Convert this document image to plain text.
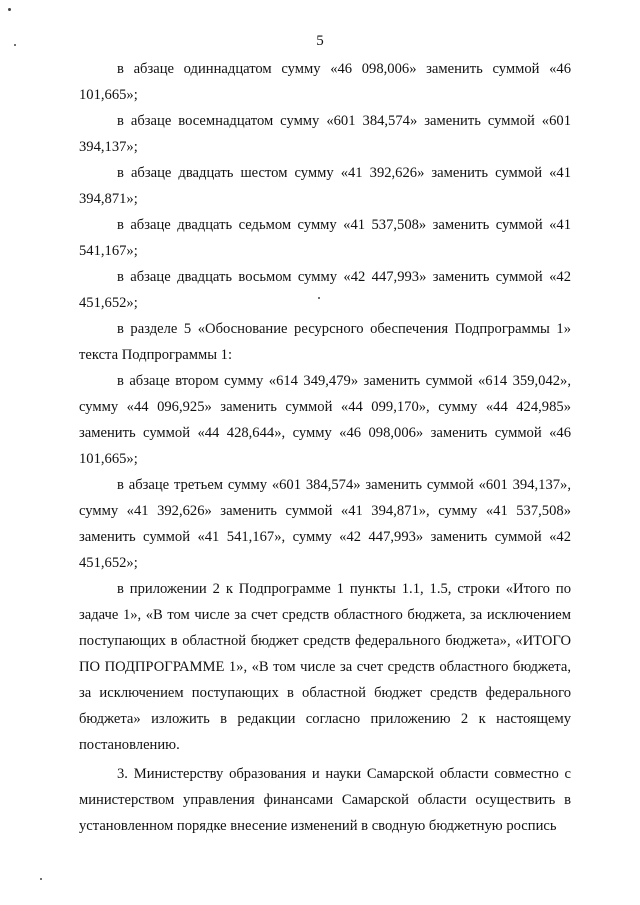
5

в абзаце одиннадцатом сумму «46 098,006» заменить суммой «46 101,665»;

в абзаце восемнадцатом сумму «601 384,574» заменить суммой «601 394,137»;

в абзаце двадцать шестом сумму «41 392,626» заменить суммой «41 394,871»;

в абзаце двадцать седьмом сумму «41 537,508» заменить суммой «41 541,167»;

в абзаце двадцать восьмом сумму «42 447,993» заменить суммой «42 451,652»;

в разделе 5 «Обоснование ресурсного обеспечения Подпрограммы 1» текста Подпрограммы 1:

в абзаце втором сумму «614 349,479» заменить суммой «614 359,042», сумму «44 096,925» заменить суммой «44 099,170», сумму «44 424,985» заменить суммой «44 428,644», сумму «46 098,006» заменить суммой «46 101,665»;

в абзаце третьем сумму «601 384,574» заменить суммой «601 394,137», сумму «41 392,626» заменить суммой «41 394,871», сумму «41 537,508» заменить суммой «41 541,167», сумму «42 447,993» заменить суммой «42 451,652»;

в приложении 2 к Подпрограмме 1 пункты 1.1, 1.5, строки «Итого по задаче 1», «В том числе за счет средств областного бюджета, за исключением поступающих в областной бюджет средств федерального бюджета», «ИТОГО ПО ПОДПРОГРАММЕ 1», «В том числе за счет средств областного бюджета, за исключением поступающих в областной бюджет средств федерального бюджета» изложить в редакции согласно приложению 2 к настоящему постановлению.

3. Министерству образования и науки Самарской области совместно с министерством управления финансами Самарской области осуществить в установленном порядке внесение изменений в сводную бюджетную роспись
